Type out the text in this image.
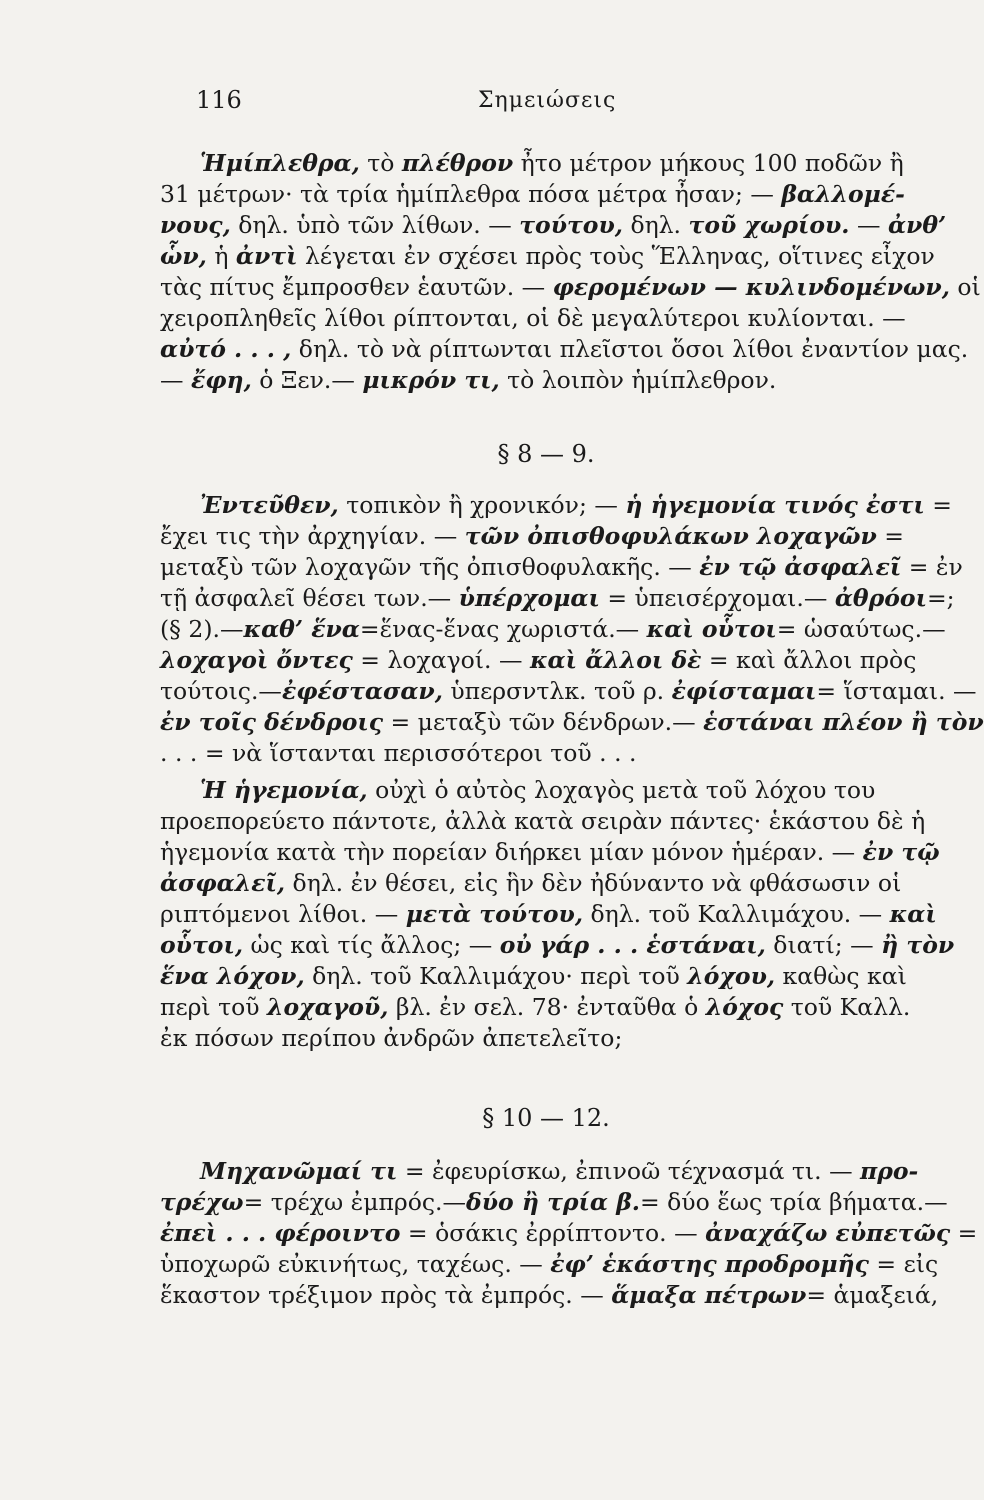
116	Σημειώσεις
Ἡμίπλεθρα, τὸ πλέθρον ἦτο μέτρον μήκους 100 ποδῶν ἢ
31 μέτρων· τὰ τρία ἡμίπλεθρα πόσα μέτρα ἦσαν; — βαλλομέ-
νους, δηλ. ὑπὸ τῶν λίθων. — τούτου, δηλ. τοῦ χωρίου. — ἀνθ’
ὧν, ἡ ἀντὶ λέγεται ἐν σχέσει πρὸς τοὺς Ἕλληνας, οἵτινες εἶχον
τὰς πίτυς ἔμπροσθεν ἑαυτῶν. — φερομένων — κυλινδομένων, οἱ
χειροπληθεῖς λίθοι ρίπτονται, οἱ δὲ μεγαλύτεροι κυλίονται. —
αὐτό . . . , δηλ. τὸ νὰ ρίπτωνται πλεῖστοι ὅσοι λίθοι ἐναντίον μας.
— ἔφη, ὁ Ξεν.— μικρόν τι, τὸ λοιπὸν ἡμίπλεθρον.
§ 8 — 9.
Ἐντεῦθεν, τοπικὸν ἢ χρονικόν; — ἡ ἡγεμονία τινός ἐστι =
ἔχει τις τὴν ἀρχηγίαν. — τῶν ὀπισθοφυλάκων λοχαγῶν =
μεταξὺ τῶν λοχαγῶν τῆς ὀπισθοφυλακῆς. — ἐν τῷ ἀσφαλεῖ = ἐν
τῇ ἀσφαλεῖ θέσει των.— ὑπέρχομαι = ὑπεισέρχομαι.— ἀθρόοι=;
(§ 2).—καθ’ ἕνα=ἕνας-ἕνας χωριστά.— καὶ οὗτοι= ὡσαύτως.—
λοχαγοὶ ὄντες = λοχαγοί. — καὶ ἄλλοι δὲ = καὶ ἄλλοι πρὸς
τούτοις.—ἐφέστασαν, ὑπερσντλκ. τοῦ ρ. ἐφίσταμαι= ἵσταμαι. —
ἐν τοῖς δένδροις = μεταξὺ τῶν δένδρων.— ἑστάναι πλέον ἢ τὸν
. . . = νὰ ἵστανται περισσότεροι τοῦ . . .
Ἡ ἡγεμονία, οὐχὶ ὁ αὐτὸς λοχαγὸς μετὰ τοῦ λόχου του
προεπορεύετο πάντοτε, ἀλλὰ κατὰ σειρὰν πάντες· ἑκάστου δὲ ἡ
ἡγεμονία κατὰ τὴν πορείαν διήρκει μίαν μόνον ἡμέραν. — ἐν τῷ
ἀσφαλεῖ, δηλ. ἐν θέσει, εἰς ἣν δὲν ἠδύναντο νὰ φθάσωσιν οἱ
ριπτόμενοι λίθοι. — μετὰ τούτου, δηλ. τοῦ Καλλιμάχου. — καὶ
οὗτοι, ὡς καὶ τίς ἄλλος; — οὐ γάρ . . . ἑστάναι, διατί; — ἢ τὸν
ἕνα λόχον, δηλ. τοῦ Καλλιμάχου· περὶ τοῦ λόχου, καθὼς καὶ
περὶ τοῦ λοχαγοῦ, βλ. ἐν σελ. 78· ἐνταῦθα ὁ λόχος τοῦ Καλλ.
ἐκ πόσων περίπου ἀνδρῶν ἀπετελεῖτο;
§ 10 — 12.
Μηχανῶμαί τι = ἐφευρίσκω, ἐπινοῶ τέχνασμά τι. — προ-
τρέχω= τρέχω ἐμπρός.—δύο ἢ τρία β.= δύο ἕως τρία βήματα.—
ἐπεὶ . . . φέροιντο = ὁσάκις ἐρρίπτοντο. — ἀναχάζω εὐπετῶς =
ὑποχωρῶ εὐκινήτως, ταχέως. — ἐφ’ ἑκάστης προδρομῆς = εἰς
ἕκαστον τρέξιμον πρὸς τὰ ἐμπρός. — ἅμαξα πέτρων= ἁμαξειά,
